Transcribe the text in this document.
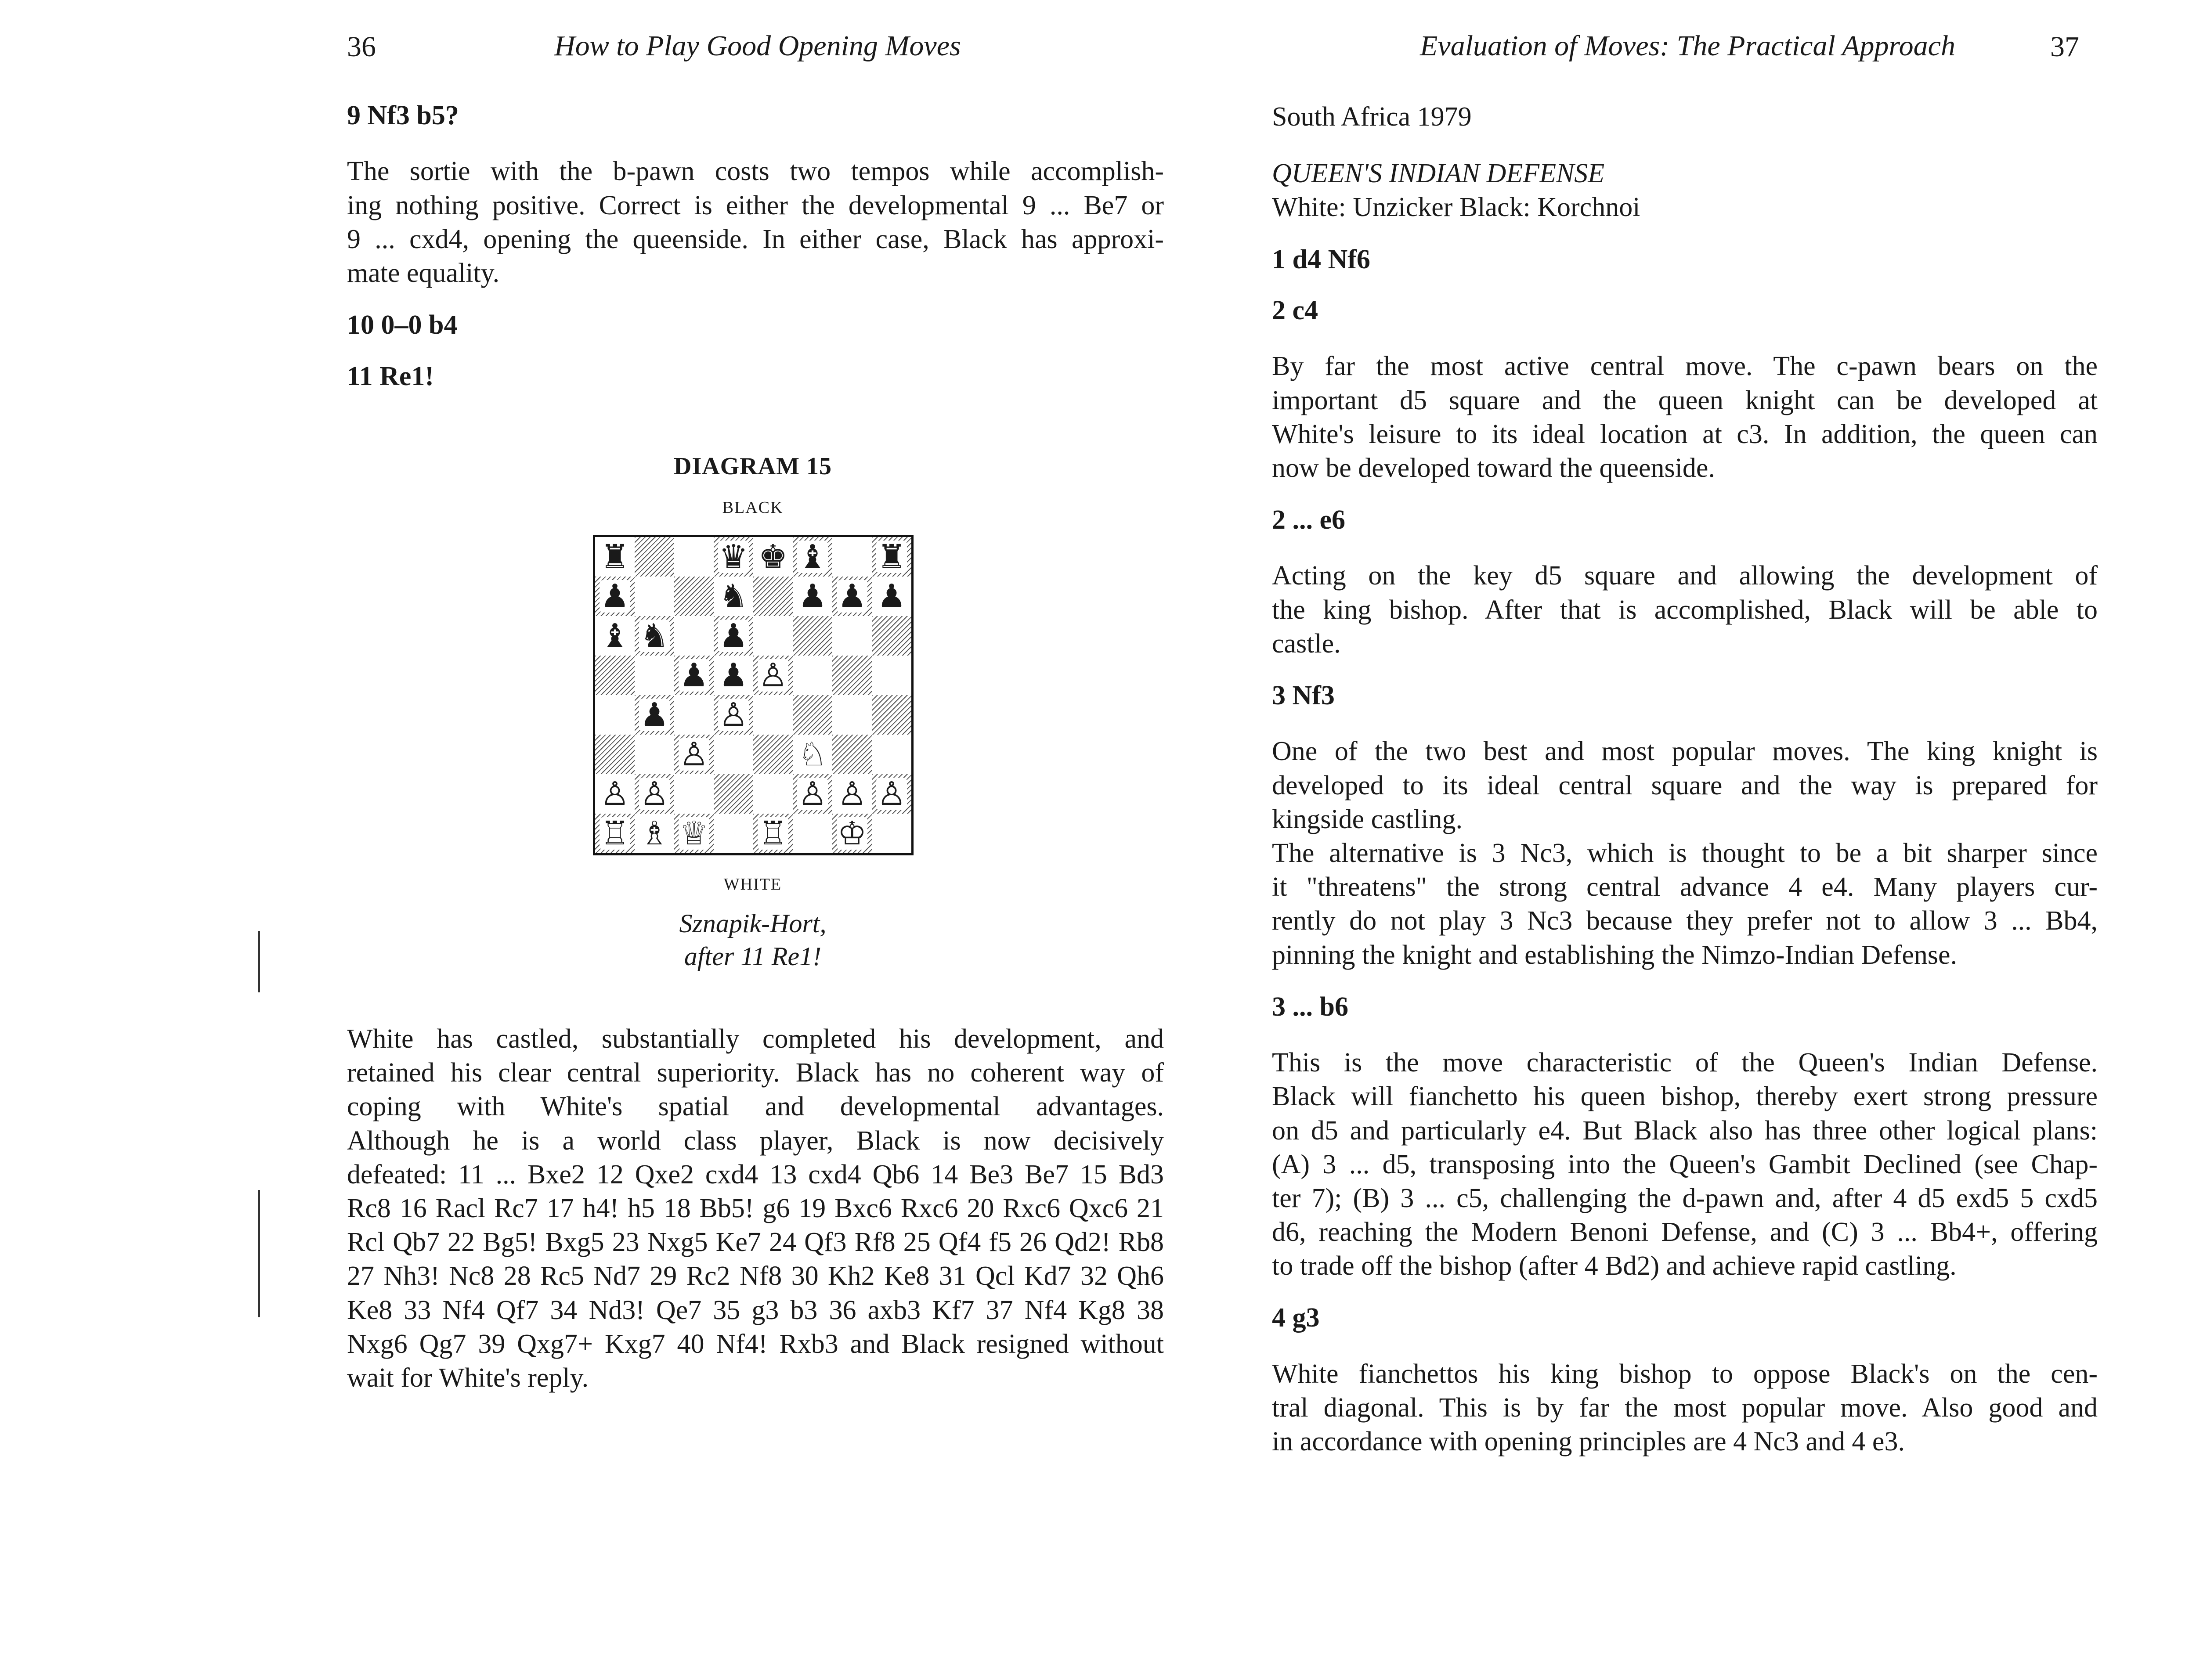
36	How to Play Good Opening Moves

9 Nf3 b5?

The sortie with the b-pawn costs two tempos while accomplish-
ing nothing positive. Correct is either the developmental 9 ... Be7 or
9 ... cxd4, opening the queenside. In either case, Black has approxi-
mate equality.

10 0–0 b4

11 Re1!

DIAGRAM 15

BLACK

♜	♛ ♚ ♝ ♜
♟	♞ ♟ ♟ ♟
♝ ♞ ♟
♟ ♟ ♙
♟ ♙
♙	♘
♙ ♙	♙ ♙ ♙
♖ ♗ ♕ ♖ ♔

WHITE

Sznapik-Hort,
after 11 Re1!

White has castled, substantially completed his development, and
retained his clear central superiority. Black has no coherent way of
coping with White's spatial and developmental advantages.
Although he is a world class player, Black is now decisively
defeated: 11 ... Bxe2 12 Qxe2 cxd4 13 cxd4 Qb6 14 Be3 Be7 15 Bd3
Rc8 16 Racl Rc7 17 h4! h5 18 Bb5! g6 19 Bxc6 Rxc6 20 Rxc6 Qxc6 21
Rcl Qb7 22 Bg5! Bxg5 23 Nxg5 Ke7 24 Qf3 Rf8 25 Qf4 f5 26 Qd2! Rb8
27 Nh3! Nc8 28 Rc5 Nd7 29 Rc2 Nf8 30 Kh2 Ke8 31 Qcl Kd7 32 Qh6
Ke8 33 Nf4 Qf7 34 Nd3! Qe7 35 g3 b3 36 axb3 Kf7 37 Nf4 Kg8 38
Nxg6 Qg7 39 Qxg7+ Kxg7 40 Nf4! Rxb3 and Black resigned without
wait for White's reply.

Evaluation of Moves: The Practical Approach	37

South Africa 1979

QUEEN'S INDIAN DEFENSE

White: Unzicker Black: Korchnoi

1 d4 Nf6

2 c4

By far the most active central move. The c-pawn bears on the
important d5 square and the queen knight can be developed at
White's leisure to its ideal location at c3. In addition, the queen can
now be developed toward the queenside.

2 ... e6

Acting on the key d5 square and allowing the development of
the king bishop. After that is accomplished, Black will be able to
castle.

3 Nf3

One of the two best and most popular moves. The king knight is
developed to its ideal central square and the way is prepared for
kingside castling.

The alternative is 3 Nc3, which is thought to be a bit sharper since
it "threatens" the strong central advance 4 e4. Many players cur-
rently do not play 3 Nc3 because they prefer not to allow 3 ... Bb4,
pinning the knight and establishing the Nimzo-Indian Defense.

3 ... b6

This is the move characteristic of the Queen's Indian Defense.
Black will fianchetto his queen bishop, thereby exert strong pressure
on d5 and particularly e4. But Black also has three other logical plans:
(A) 3 ... d5, transposing into the Queen's Gambit Declined (see Chap-
ter 7); (B) 3 ... c5, challenging the d-pawn and, after 4 d5 exd5 5 cxd5
d6, reaching the Modern Benoni Defense, and (C) 3 ... Bb4+, offering
to trade off the bishop (after 4 Bd2) and achieve rapid castling.

4 g3

White fianchettos his king bishop to oppose Black's on the cen-
tral diagonal. This is by far the most popular move. Also good and
in accordance with opening principles are 4 Nc3 and 4 e3.
